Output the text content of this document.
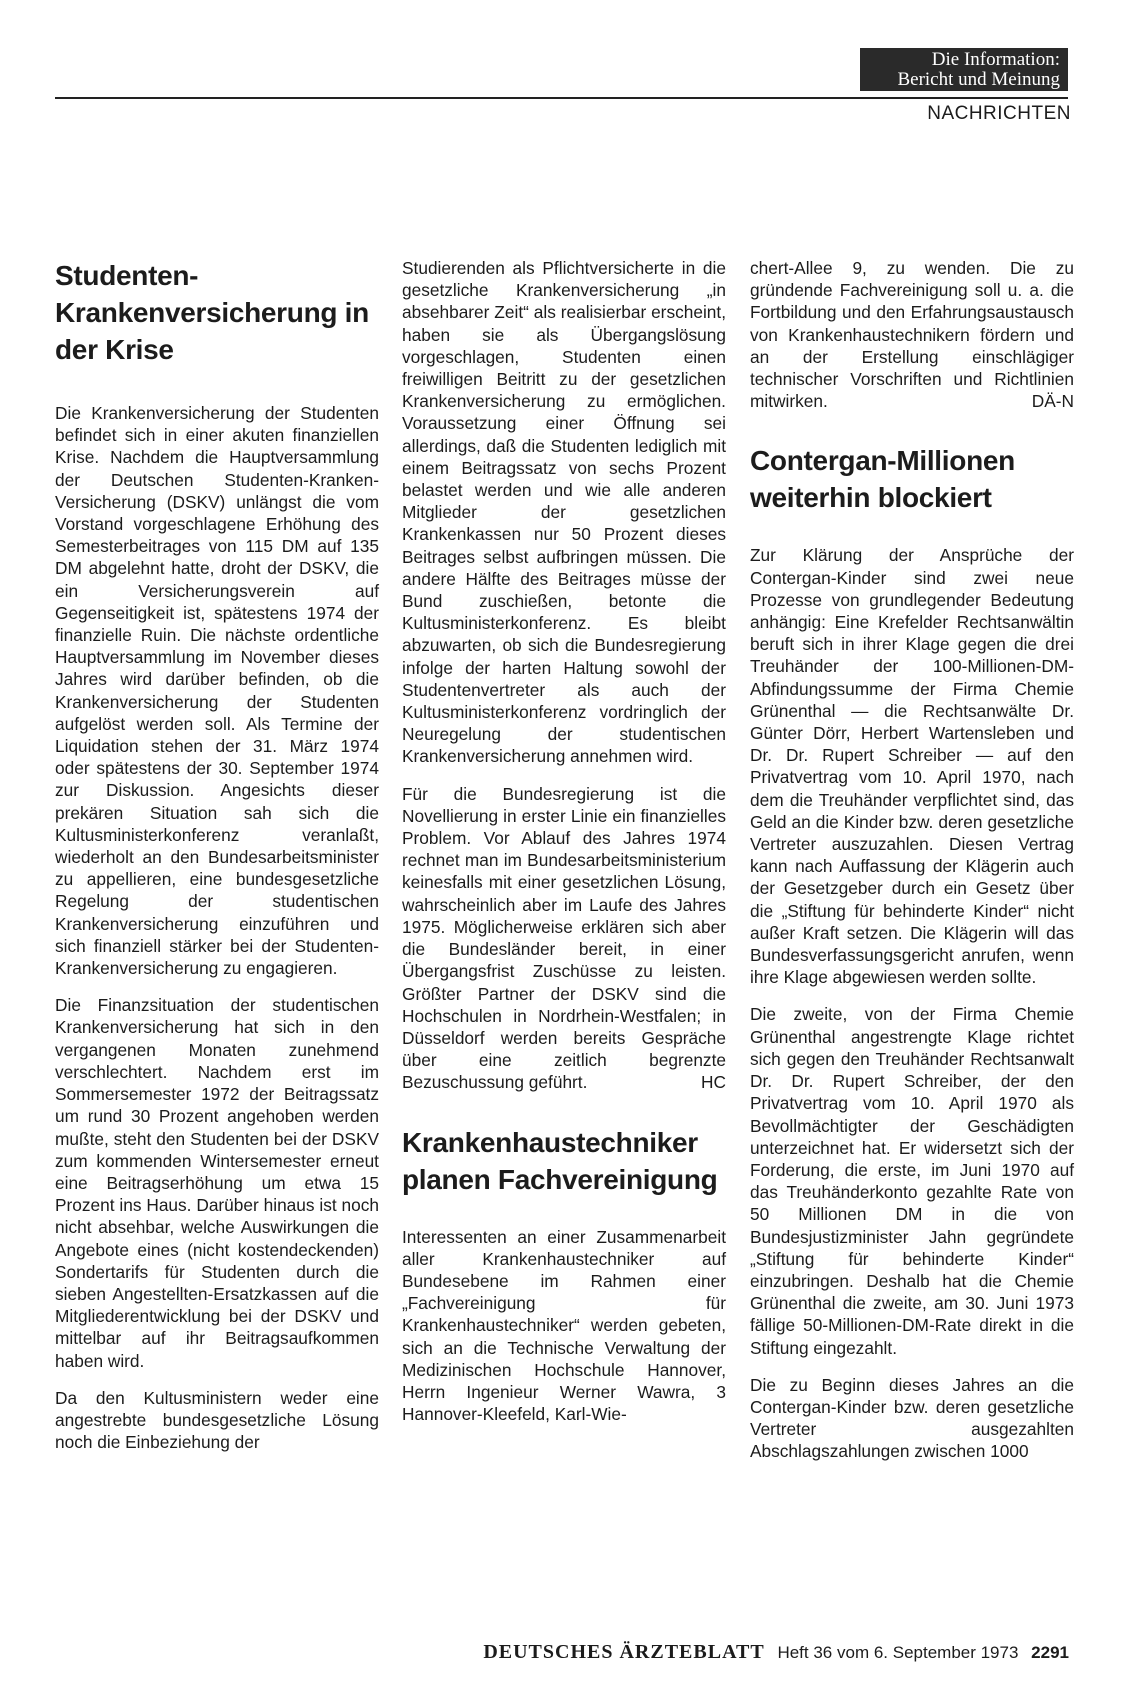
Die Information:
Bericht und Meinung
NACHRICHTEN
Studenten-Krankenversicherung in der Krise

Die Krankenversicherung der Studenten befindet sich in einer akuten finanziellen Krise. Nachdem die Hauptversammlung der Deutschen Studenten-Kranken-Versicherung (DSKV) unlängst die vom Vorstand vorgeschlagene Erhöhung des Semesterbeitrages von 115 DM auf 135 DM abgelehnt hatte, droht der DSKV, die ein Versicherungsverein auf Gegenseitigkeit ist, spätestens 1974 der finanzielle Ruin. Die nächste ordentliche Hauptversammlung im November dieses Jahres wird darüber befinden, ob die Krankenversicherung der Studenten aufgelöst werden soll. Als Termine der Liquidation stehen der 31. März 1974 oder spätestens der 30. September 1974 zur Diskussion. Angesichts dieser prekären Situation sah sich die Kultusministerkonferenz veranlaßt, wiederholt an den Bundesarbeitsminister zu appellieren, eine bundesgesetzliche Regelung der studentischen Krankenversicherung einzuführen und sich finanziell stärker bei der Studenten-Krankenversicherung zu engagieren.

Die Finanzsituation der studentischen Krankenversicherung hat sich in den vergangenen Monaten zunehmend verschlechtert. Nachdem erst im Sommersemester 1972 der Beitragssatz um rund 30 Prozent angehoben werden mußte, steht den Studenten bei der DSKV zum kommenden Wintersemester erneut eine Beitragserhöhung um etwa 15 Prozent ins Haus. Darüber hinaus ist noch nicht absehbar, welche Auswirkungen die Angebote eines (nicht kostendeckenden) Sondertarifs für Studenten durch die sieben Angestellten-Ersatzkassen auf die Mitgliederentwicklung bei der DSKV und mittelbar auf ihr Beitragsaufkommen haben wird.

Da den Kultusministern weder eine angestrebte bundesgesetzliche Lösung noch die Einbeziehung der

Studierenden als Pflichtversicherte in die gesetzliche Krankenversicherung „in absehbarer Zeit“ als realisierbar erscheint, haben sie als Übergangslösung vorgeschlagen, Studenten einen freiwilligen Beitritt zu der gesetzlichen Krankenversicherung zu ermöglichen. Voraussetzung einer Öffnung sei allerdings, daß die Studenten lediglich mit einem Beitragssatz von sechs Prozent belastet werden und wie alle anderen Mitglieder der gesetzlichen Krankenkassen nur 50 Prozent dieses Beitrages selbst aufbringen müssen. Die andere Hälfte des Beitrages müsse der Bund zuschießen, betonte die Kultusministerkonferenz. Es bleibt abzuwarten, ob sich die Bundesregierung infolge der harten Haltung sowohl der Studentenvertreter als auch der Kultusministerkonferenz vordringlich der Neuregelung der studentischen Krankenversicherung annehmen wird.

Für die Bundesregierung ist die Novellierung in erster Linie ein finanzielles Problem. Vor Ablauf des Jahres 1974 rechnet man im Bundesarbeitsministerium keinesfalls mit einer gesetzlichen Lösung, wahrscheinlich aber im Laufe des Jahres 1975. Möglicherweise erklären sich aber die Bundesländer bereit, in einer Übergangsfrist Zuschüsse zu leisten. Größter Partner der DSKV sind die Hochschulen in Nordrhein-Westfalen; in Düsseldorf werden bereits Gespräche über eine zeitlich begrenzte Bezuschussung geführt.	HC

Krankenhaustechniker planen Fachvereinigung

Interessenten an einer Zusammenarbeit aller Krankenhaustechniker auf Bundesebene im Rahmen einer „Fachvereinigung für Krankenhaustechniker“ werden gebeten, sich an die Technische Verwaltung der Medizinischen Hochschule Hannover, Herrn Ingenieur Werner Wawra, 3 Hannover-Kleefeld, Karl-Wie-

chert-Allee 9, zu wenden. Die zu gründende Fachvereinigung soll u. a. die Fortbildung und den Erfahrungsaustausch von Krankenhaustechnikern fördern und an der Erstellung einschlägiger technischer Vorschriften und Richtlinien mitwirken.	DÄ-N

Contergan-Millionen weiterhin blockiert

Zur Klärung der Ansprüche der Contergan-Kinder sind zwei neue Prozesse von grundlegender Bedeutung anhängig: Eine Krefelder Rechtsanwältin beruft sich in ihrer Klage gegen die drei Treuhänder der 100-Millionen-DM-Abfindungssumme der Firma Chemie Grünenthal — die Rechtsanwälte Dr. Günter Dörr, Herbert Wartensleben und Dr. Dr. Rupert Schreiber — auf den Privatvertrag vom 10. April 1970, nach dem die Treuhänder verpflichtet sind, das Geld an die Kinder bzw. deren gesetzliche Vertreter auszuzahlen. Diesen Vertrag kann nach Auffassung der Klägerin auch der Gesetzgeber durch ein Gesetz über die „Stiftung für behinderte Kinder“ nicht außer Kraft setzen. Die Klägerin will das Bundesverfassungsgericht anrufen, wenn ihre Klage abgewiesen werden sollte.

Die zweite, von der Firma Chemie Grünenthal angestrengte Klage richtet sich gegen den Treuhänder Rechtsanwalt Dr. Dr. Rupert Schreiber, der den Privatvertrag vom 10. April 1970 als Bevollmächtigter der Geschädigten unterzeichnet hat. Er widersetzt sich der Forderung, die erste, im Juni 1970 auf das Treuhänderkonto gezahlte Rate von 50 Millionen DM in die von Bundesjustizminister Jahn gegründete „Stiftung für behinderte Kinder“ einzubringen. Deshalb hat die Chemie Grünenthal die zweite, am 30. Juni 1973 fällige 50-Millionen-DM-Rate direkt in die Stiftung eingezahlt.

Die zu Beginn dieses Jahres an die Contergan-Kinder bzw. deren gesetzliche Vertreter ausgezahlten Abschlagszahlungen zwischen 1000

DEUTSCHES ÄRZTEBLATT Heft 36 vom 6. September 1973 2291
